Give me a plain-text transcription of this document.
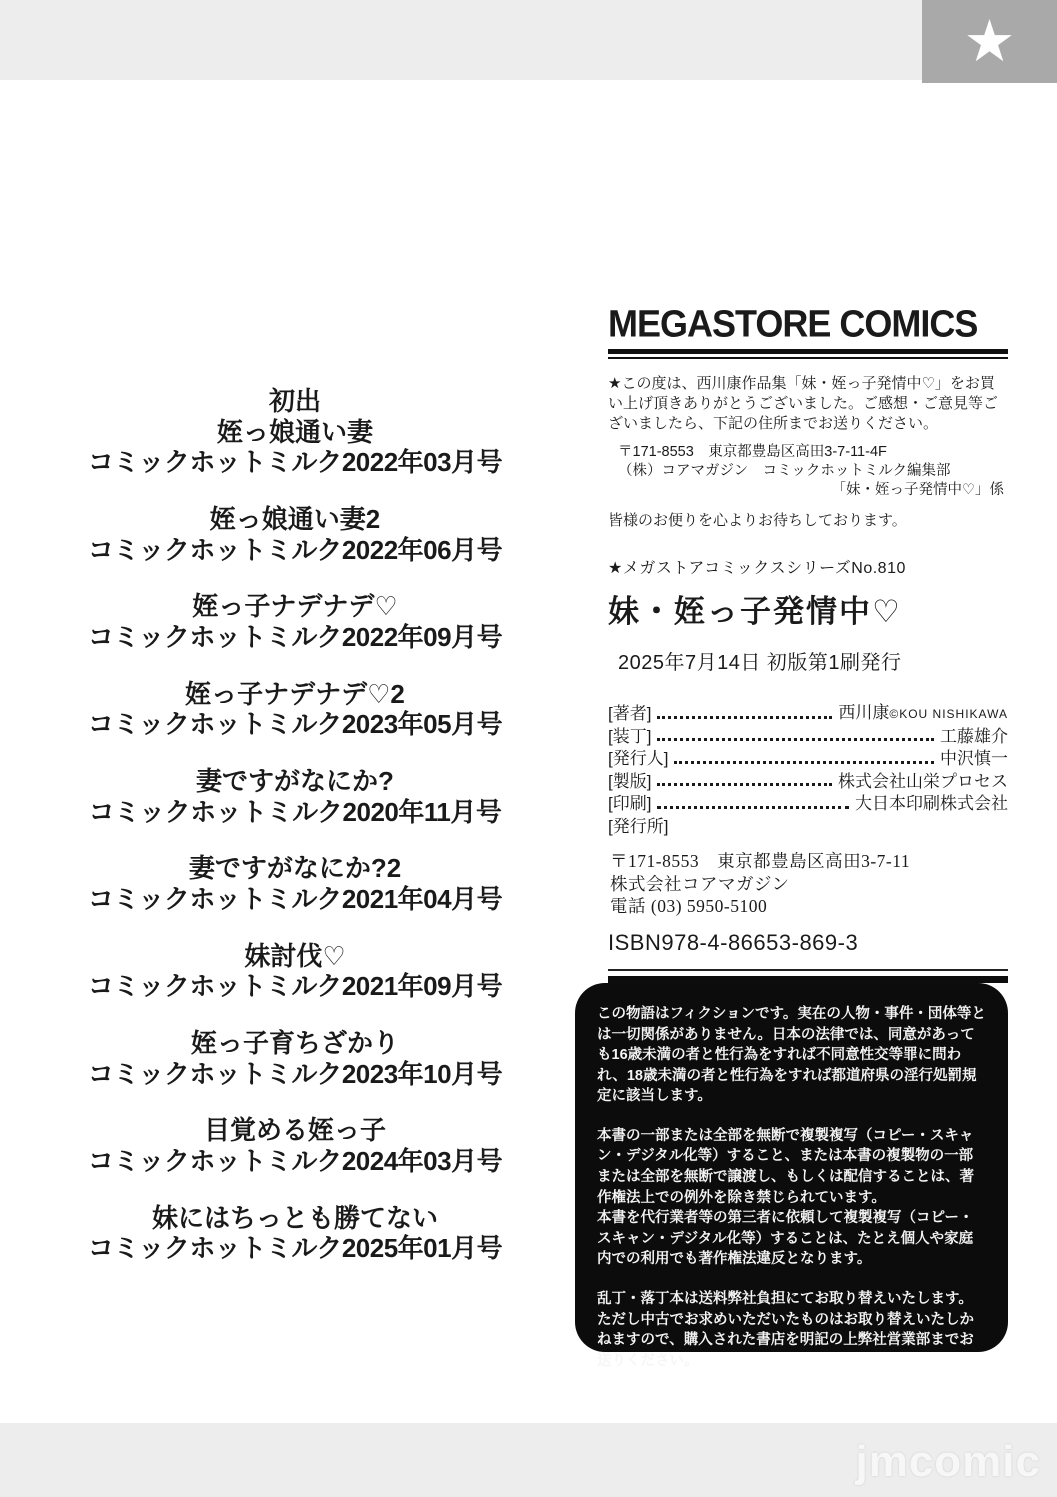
★
初出
姪っ娘通い妻
コミックホットミルク2022年03月号
姪っ娘通い妻2
コミックホットミルク2022年06月号
姪っ子ナデナデ♡
コミックホットミルク2022年09月号
姪っ子ナデナデ♡2
コミックホットミルク2023年05月号
妻ですがなにか?
コミックホットミルク2020年11月号
妻ですがなにか?2
コミックホットミルク2021年04月号
妹討伐♡
コミックホットミルク2021年09月号
姪っ子育ちざかり
コミックホットミルク2023年10月号
目覚める姪っ子
コミックホットミルク2024年03月号
妹にはちっとも勝てない
コミックホットミルク2025年01月号
MEGASTORE COMICS
★この度は、西川康作品集「妹・姪っ子発情中♡」をお買い上げ頂きありがとうございました。ご感想・ご意見等ございましたら、下記の住所までお送りください。
〒171-8553　東京都豊島区高田3-7-11-4F
（株）コアマガジン　コミックホットミルク編集部
「妹・姪っ子発情中♡」係
皆様のお便りを心よりお待ちしております。
★メガストアコミックスシリーズNo.810
妹・姪っ子発情中♡
2025年7月14日 初版第1刷発行
[著者]	西川康©KOU NISHIKAWA
[装丁]	工藤雄介
[発行人]	中沢慎一
[製版]	株式会社山栄プロセス
[印刷]	大日本印刷株式会社
[発行所]
〒171-8553　東京都豊島区高田3-7-11
株式会社コアマガジン
電話 (03) 5950-5100
ISBN978-4-86653-869-3

この物語はフィクションです。実在の人物・事件・団体等とは一切関係がありません。日本の法律では、同意があっても16歳未満の者と性行為をすれば不同意性交等罪に問われ、18歳未満の者と性行為をすれば都道府県の淫行処罰規定に該当します。

本書の一部または全部を無断で複製複写（コピー・スキャン・デジタル化等）すること、または本書の複製物の一部または全部を無断で譲渡し、もしくは配信することは、著作権法上での例外を除き禁じられています。

本書を代行業者等の第三者に依頼して複製複写（コピー・スキャン・デジタル化等）することは、たとえ個人や家庭内での利用でも著作権法違反となります。

乱丁・落丁本は送料弊社負担にてお取り替えいたします。ただし中古でお求めいただいたものはお取り替えいたしかねますので、購入された書店を明記の上弊社営業部までお送りください。

jmcomic
